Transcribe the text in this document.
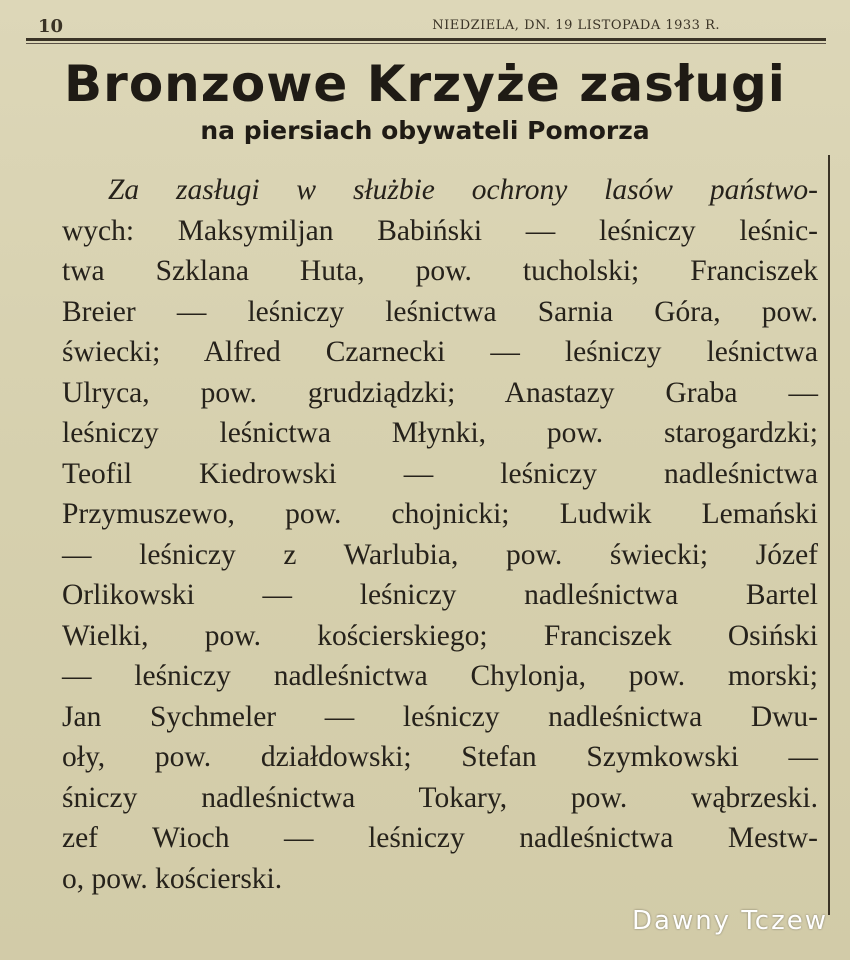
10	NIEDZIELA, DN. 19 LISTOPADA 1933 R.
Bronzowe Krzyże zasługi
na piersiach obywateli Pomorza
Za zasługi w służbie ochrony lasów państwo-
wych: Maksymiljan Babiński — leśniczy leśnic-
twa Szklana Huta, pow. tucholski; Franciszek
Breier — leśniczy leśnictwa Sarnia Góra, pow.
świecki; Alfred Czarnecki — leśniczy leśnictwa
Ulryca, pow. grudziądzki; Anastazy Graba —
leśniczy leśnictwa Młynki, pow. starogardzki;
Teofil Kiedrowski — leśniczy nadleśnictwa
Przymuszewo, pow. chojnicki; Ludwik Lemański
— leśniczy z Warlubia, pow. świecki; Józef
Orlikowski — leśniczy nadleśnictwa Bartel
Wielki, pow. kościerskiego; Franciszek Osiński
— leśniczy nadleśnictwa Chylonja, pow. morski;
Jan Sychmeler — leśniczy nadleśnictwa Dwu-
oły, pow. działdowski; Stefan Szymkowski —
śniczy nadleśnictwa Tokary, pow. wąbrzeski.
zef Wioch — leśniczy nadleśnictwa Mestw-
o, pow. kościerski.
Dawny Tczew
